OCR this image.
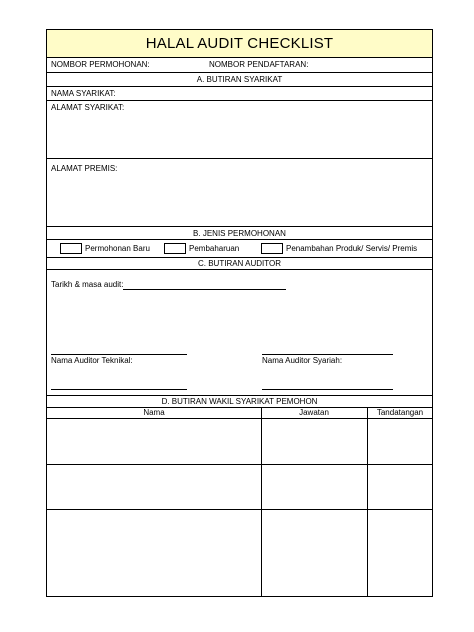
HALAL AUDIT CHECKLIST
NOMBOR PERMOHONAN:	NOMBOR PENDAFTARAN:
A. BUTIRAN SYARIKAT
NAMA SYARIKAT:
ALAMAT SYARIKAT:
ALAMAT PREMIS:
B. JENIS PERMOHONAN
Permohonan Baru	Pembaharuan	Penambahan Produk/ Servis/ Premis
C. BUTIRAN AUDITOR
Tarikh & masa audit:
Nama Auditor Teknikal:	Nama Auditor Syariah:
D. BUTIRAN WAKIL SYARIKAT PEMOHON
Nama	Jawatan	Tandatangan
